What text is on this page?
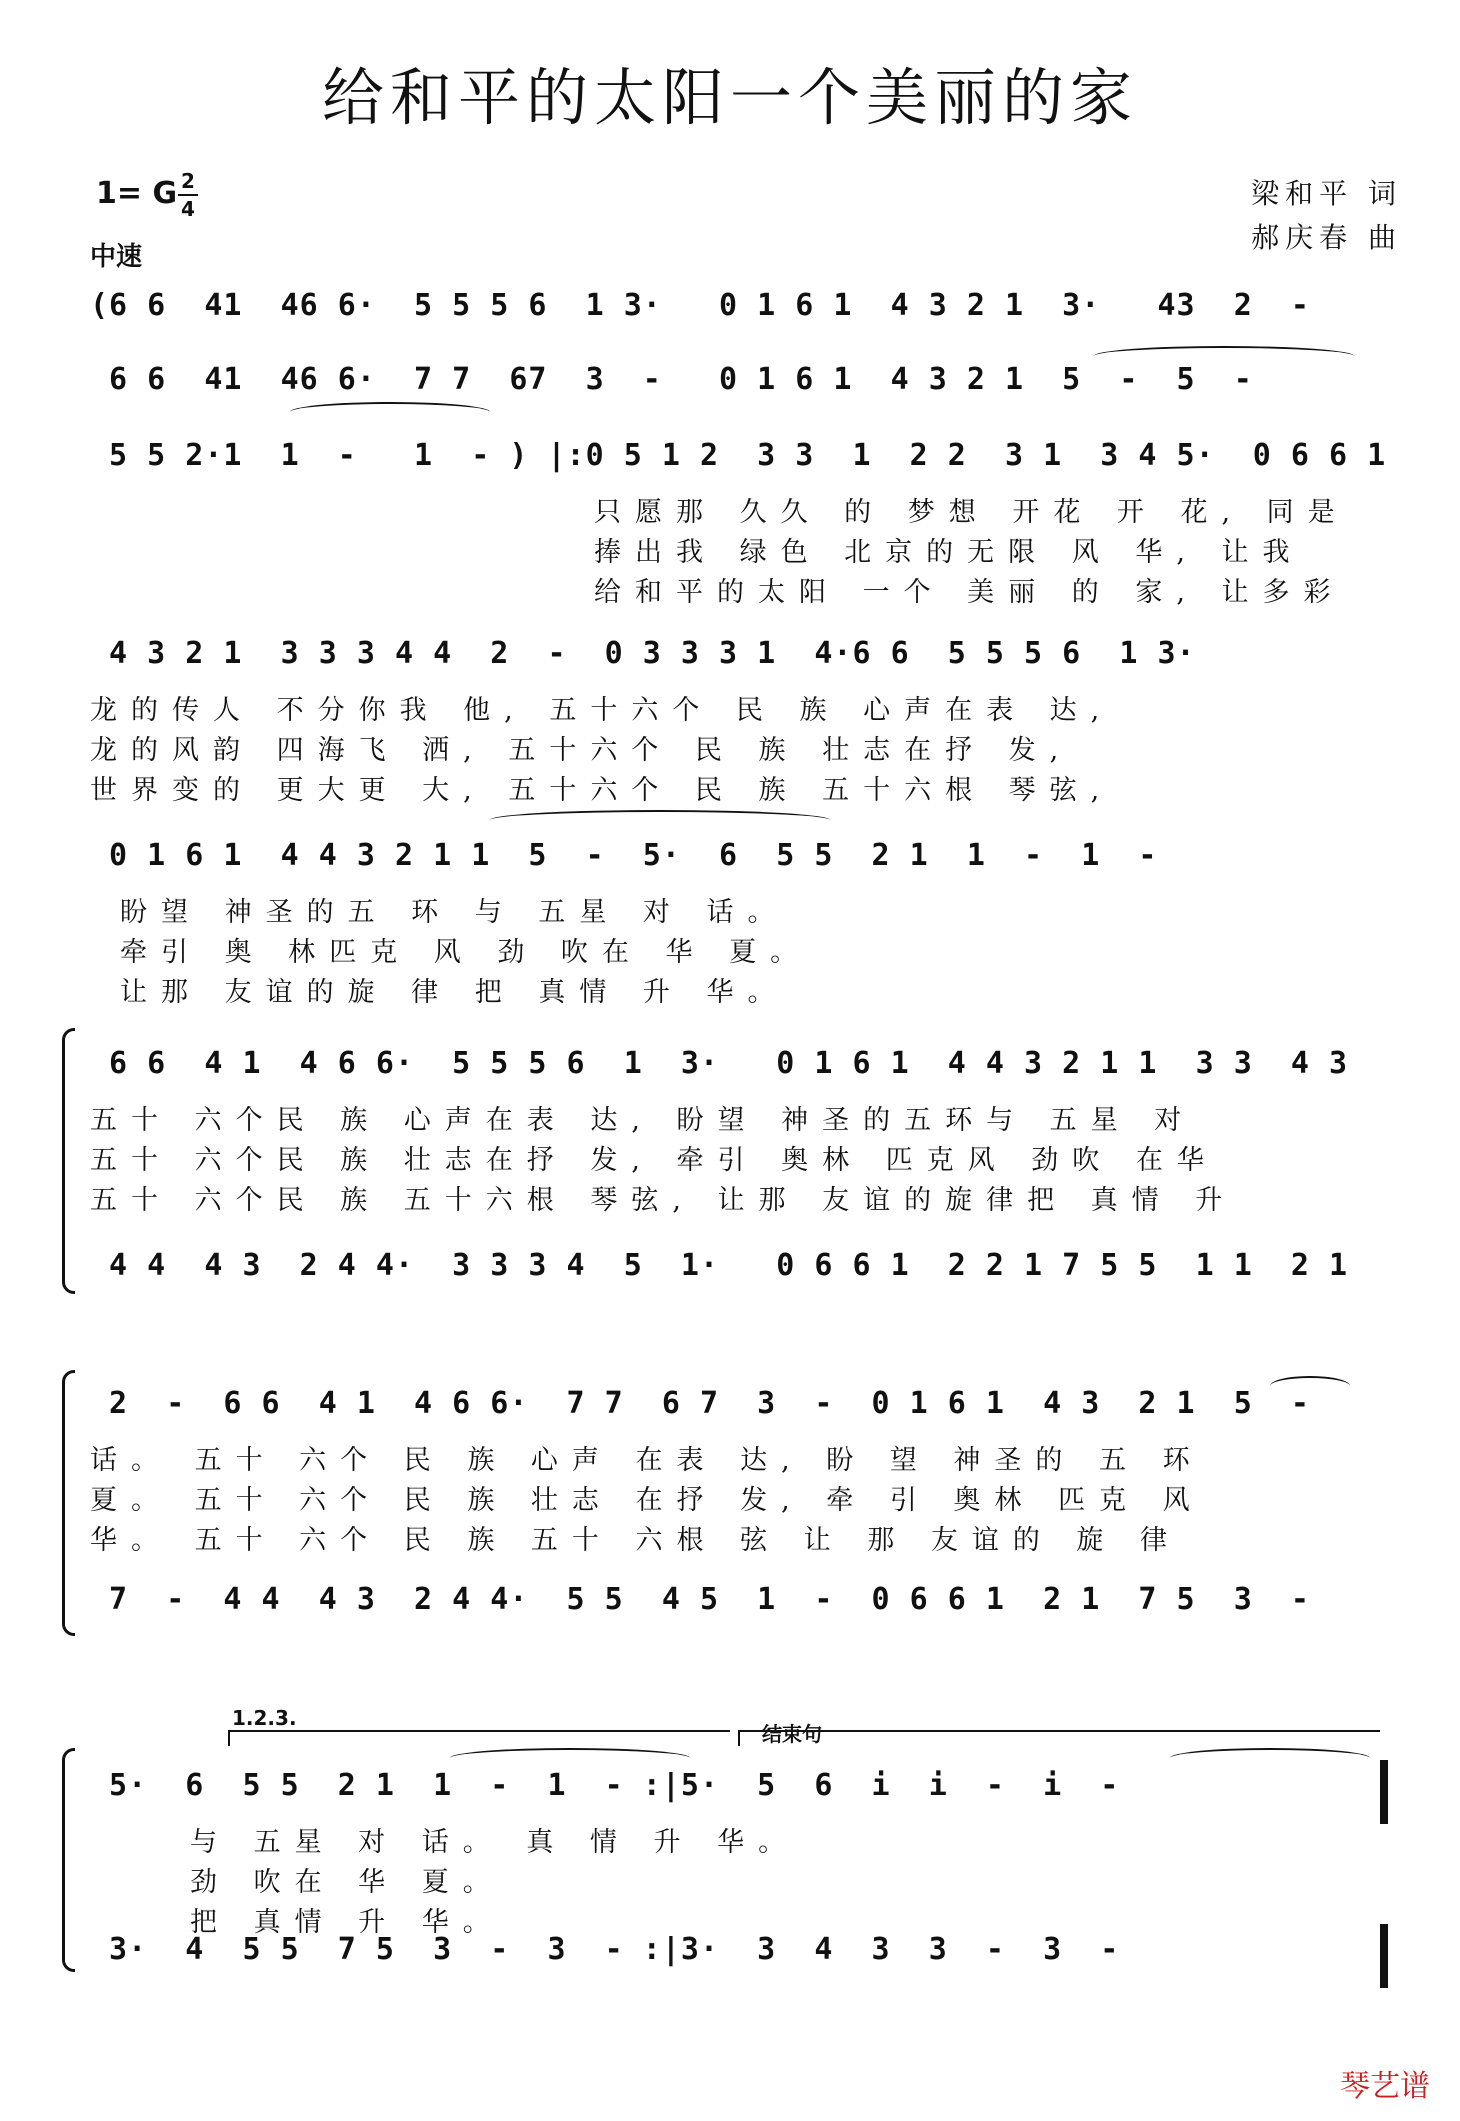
给和平的太阳一个美丽的家
1= G 2
4
中速
梁和平 词
郝庆春 曲
(6 6  41  46 6·  5 5 5 6  1 3·   0 1 6 1  4 3 2 1  3·   43  2  -
6 6  41  46 6·  7 7  67  3  -   0 1 6 1  4 3 2 1  5  -  5  -
5 5 2·1  1  -   1  - ) |:0 5 1 2  3 3  1  2 2  3 1  3 4 5·  0 6 6 1
只愿那 久久 的 梦想 开花 开 花, 同是
捧出我 绿色 北京的无限 风 华, 让我
给和平的太阳 一个 美丽 的 家, 让多彩
4 3 2 1  3 3 3 4 4  2  -  0 3 3 3 1  4·6 6  5 5 5 6  1 3·
龙的传人 不分你我 他, 五十六个 民 族 心声在表 达,
龙的风韵 四海飞 洒, 五十六个 民 族 壮志在抒 发,
世界变的 更大更 大, 五十六个 民 族 五十六根 琴弦,
0 1 6 1  4 4 3 2 1 1  5  -  5·  6  5 5  2 1  1  -  1  -
盼望 神圣的五 环 与 五星 对 话。
牵引 奥 林匹克 风 劲 吹在 华 夏。
让那 友谊的旋 律 把 真情 升 华。
6 6  4 1  4 6 6·  5 5 5 6  1  3·   0 1 6 1  4 4 3 2 1 1  3 3  4 3
五十 六个民 族 心声在表 达, 盼望 神圣的五环与 五星 对
五十 六个民 族 壮志在抒 发, 牵引 奥林 匹克风 劲吹 在华
五十 六个民 族 五十六根 琴弦, 让那 友谊的旋律把 真情 升
4 4  4 3  2 4 4·  3 3 3 4  5  1·   0 6 6 1  2 2 1 7 5 5  1 1  2 1
2  -  6 6  4 1  4 6 6·  7 7  6 7  3  -  0 1 6 1  4 3  2 1  5  -
话。 五十 六个 民 族 心声 在表 达, 盼 望 神圣的 五 环
夏。 五十 六个 民 族 壮志 在抒 发, 牵 引 奥林 匹克 风
华。 五十 六个 民 族 五十 六根 弦 让 那 友谊的 旋 律
7  -  4 4  4 3  2 4 4·  5 5  4 5  1  -  0 6 6 1  2 1  7 5  3  -
1.2.3.
结束句
5·  6  5 5  2 1  1  -  1  - :|5·  5  6  i  i  -  i  -
与 五星 对 话。 真 情 升 华。
劲 吹在 华 夏。
把 真情 升 华。
3·  4  5 5  7 5  3  -  3  - :|3·  3  4  3  3  -  3  -
琴艺谱
